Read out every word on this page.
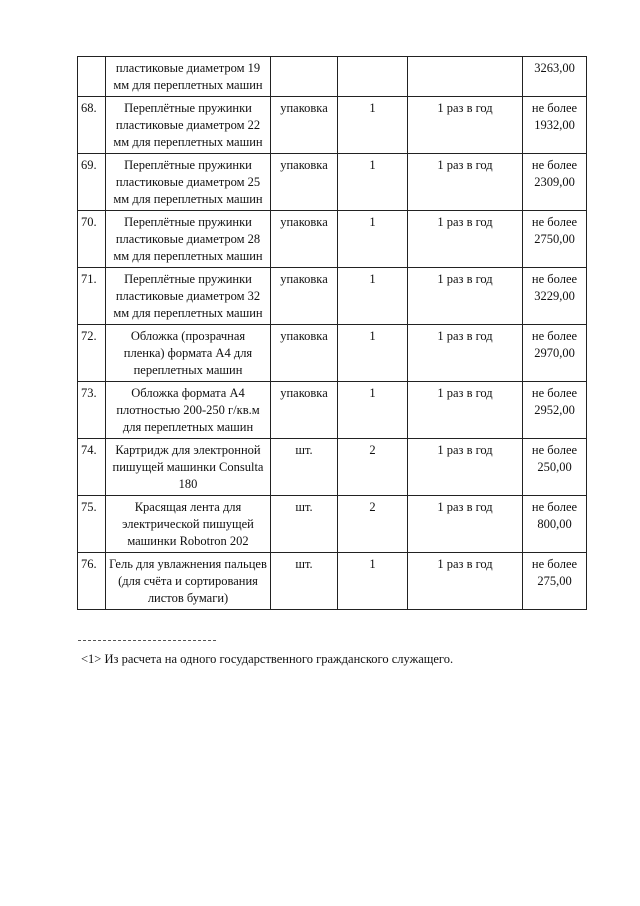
	пластиковые диаметром 19 мм для переплетных машин				3263,00
68.	Переплётные пружинки пластиковые диаметром 22 мм для переплетных машин	упаковка	1	1 раз в год	не более 1932,00
69.	Переплётные пружинки пластиковые диаметром 25 мм для переплетных машин	упаковка	1	1 раз в год	не более 2309,00
70.	Переплётные пружинки пластиковые диаметром 28 мм для переплетных машин	упаковка	1	1 раз в год	не более 2750,00
71.	Переплётные пружинки пластиковые диаметром 32 мм для переплетных машин	упаковка	1	1 раз в год	не более 3229,00
72.	Обложка (прозрачная пленка) формата А4 для переплетных машин	упаковка	1	1 раз в год	не более 2970,00
73.	Обложка формата А4 плотностью 200-250 г/кв.м для переплетных машин	упаковка	1	1 раз в год	не более 2952,00
74.	Картридж для электронной пишущей машинки Consulta 180	шт.	2	1 раз в год	не более 250,00
75.	Красящая лента для электрической пишущей машинки Robotron 202	шт.	2	1 раз в год	не более 800,00
76.	Гель для увлажнения пальцев (для счёта и сортирования листов бумаги)	шт.	1	1 раз в год	не более 275,00
<1> Из расчета на одного государственного гражданского служащего.
